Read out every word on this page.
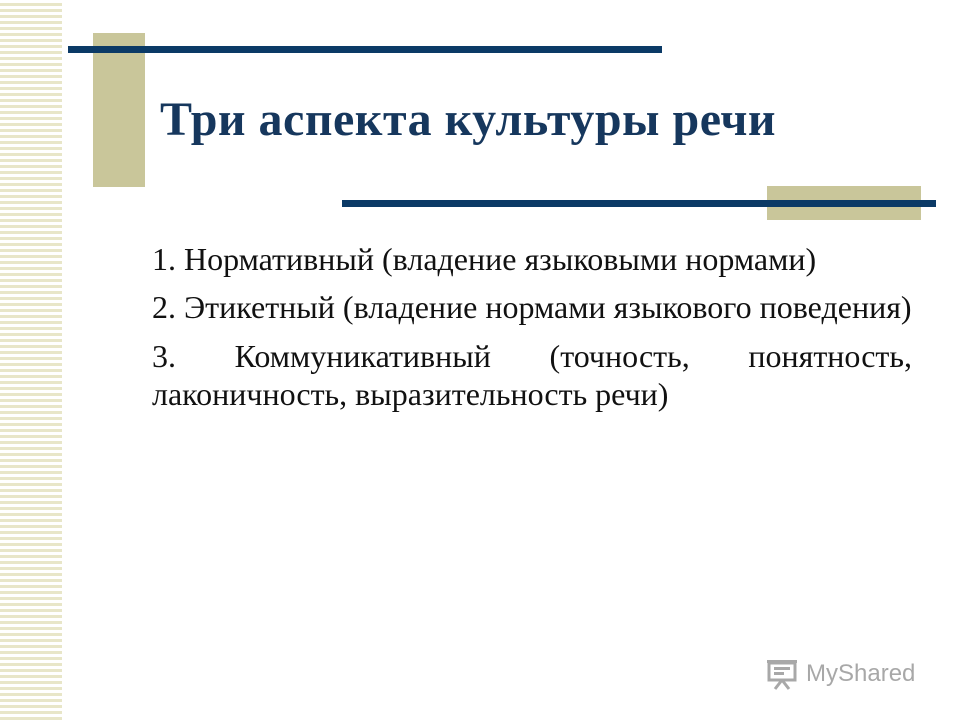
Три аспекта культуры речи

1. Нормативный (владение языковыми нормами)

2. Этикетный (владение нормами языкового поведения)

3. Коммуникативный (точность, понятность, лаконичность, выразительность речи)

MyShared
